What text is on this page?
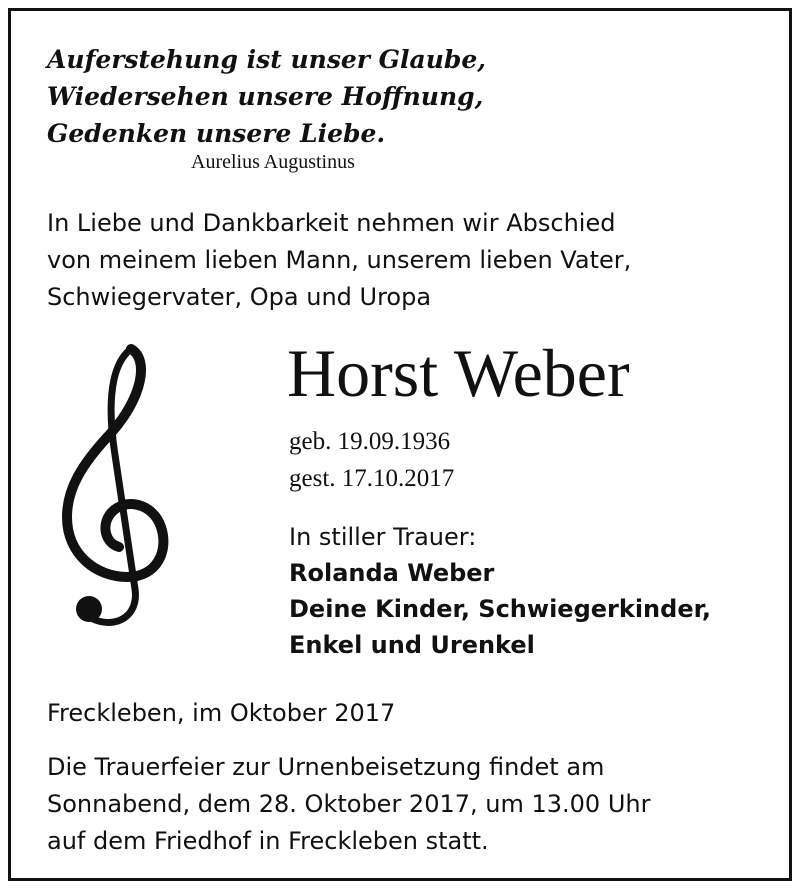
Auferstehung ist unser Glaube,
Wiedersehen unsere Hoffnung,
Gedenken unsere Liebe.
Aurelius Augustinus
In Liebe und Dankbarkeit nehmen wir Abschied
von meinem lieben Mann, unserem lieben Vater,
Schwiegervater, Opa und Uropa
Horst Weber
geb. 19.09.1936
gest. 17.10.2017
In stiller Trauer:
Rolanda Weber
Deine Kinder, Schwiegerkinder,
Enkel und Urenkel
Freckleben, im Oktober 2017
Die Trauerfeier zur Urnenbeisetzung findet am
Sonnabend, dem 28. Oktober 2017, um 13.00 Uhr
auf dem Friedhof in Freckleben statt.
